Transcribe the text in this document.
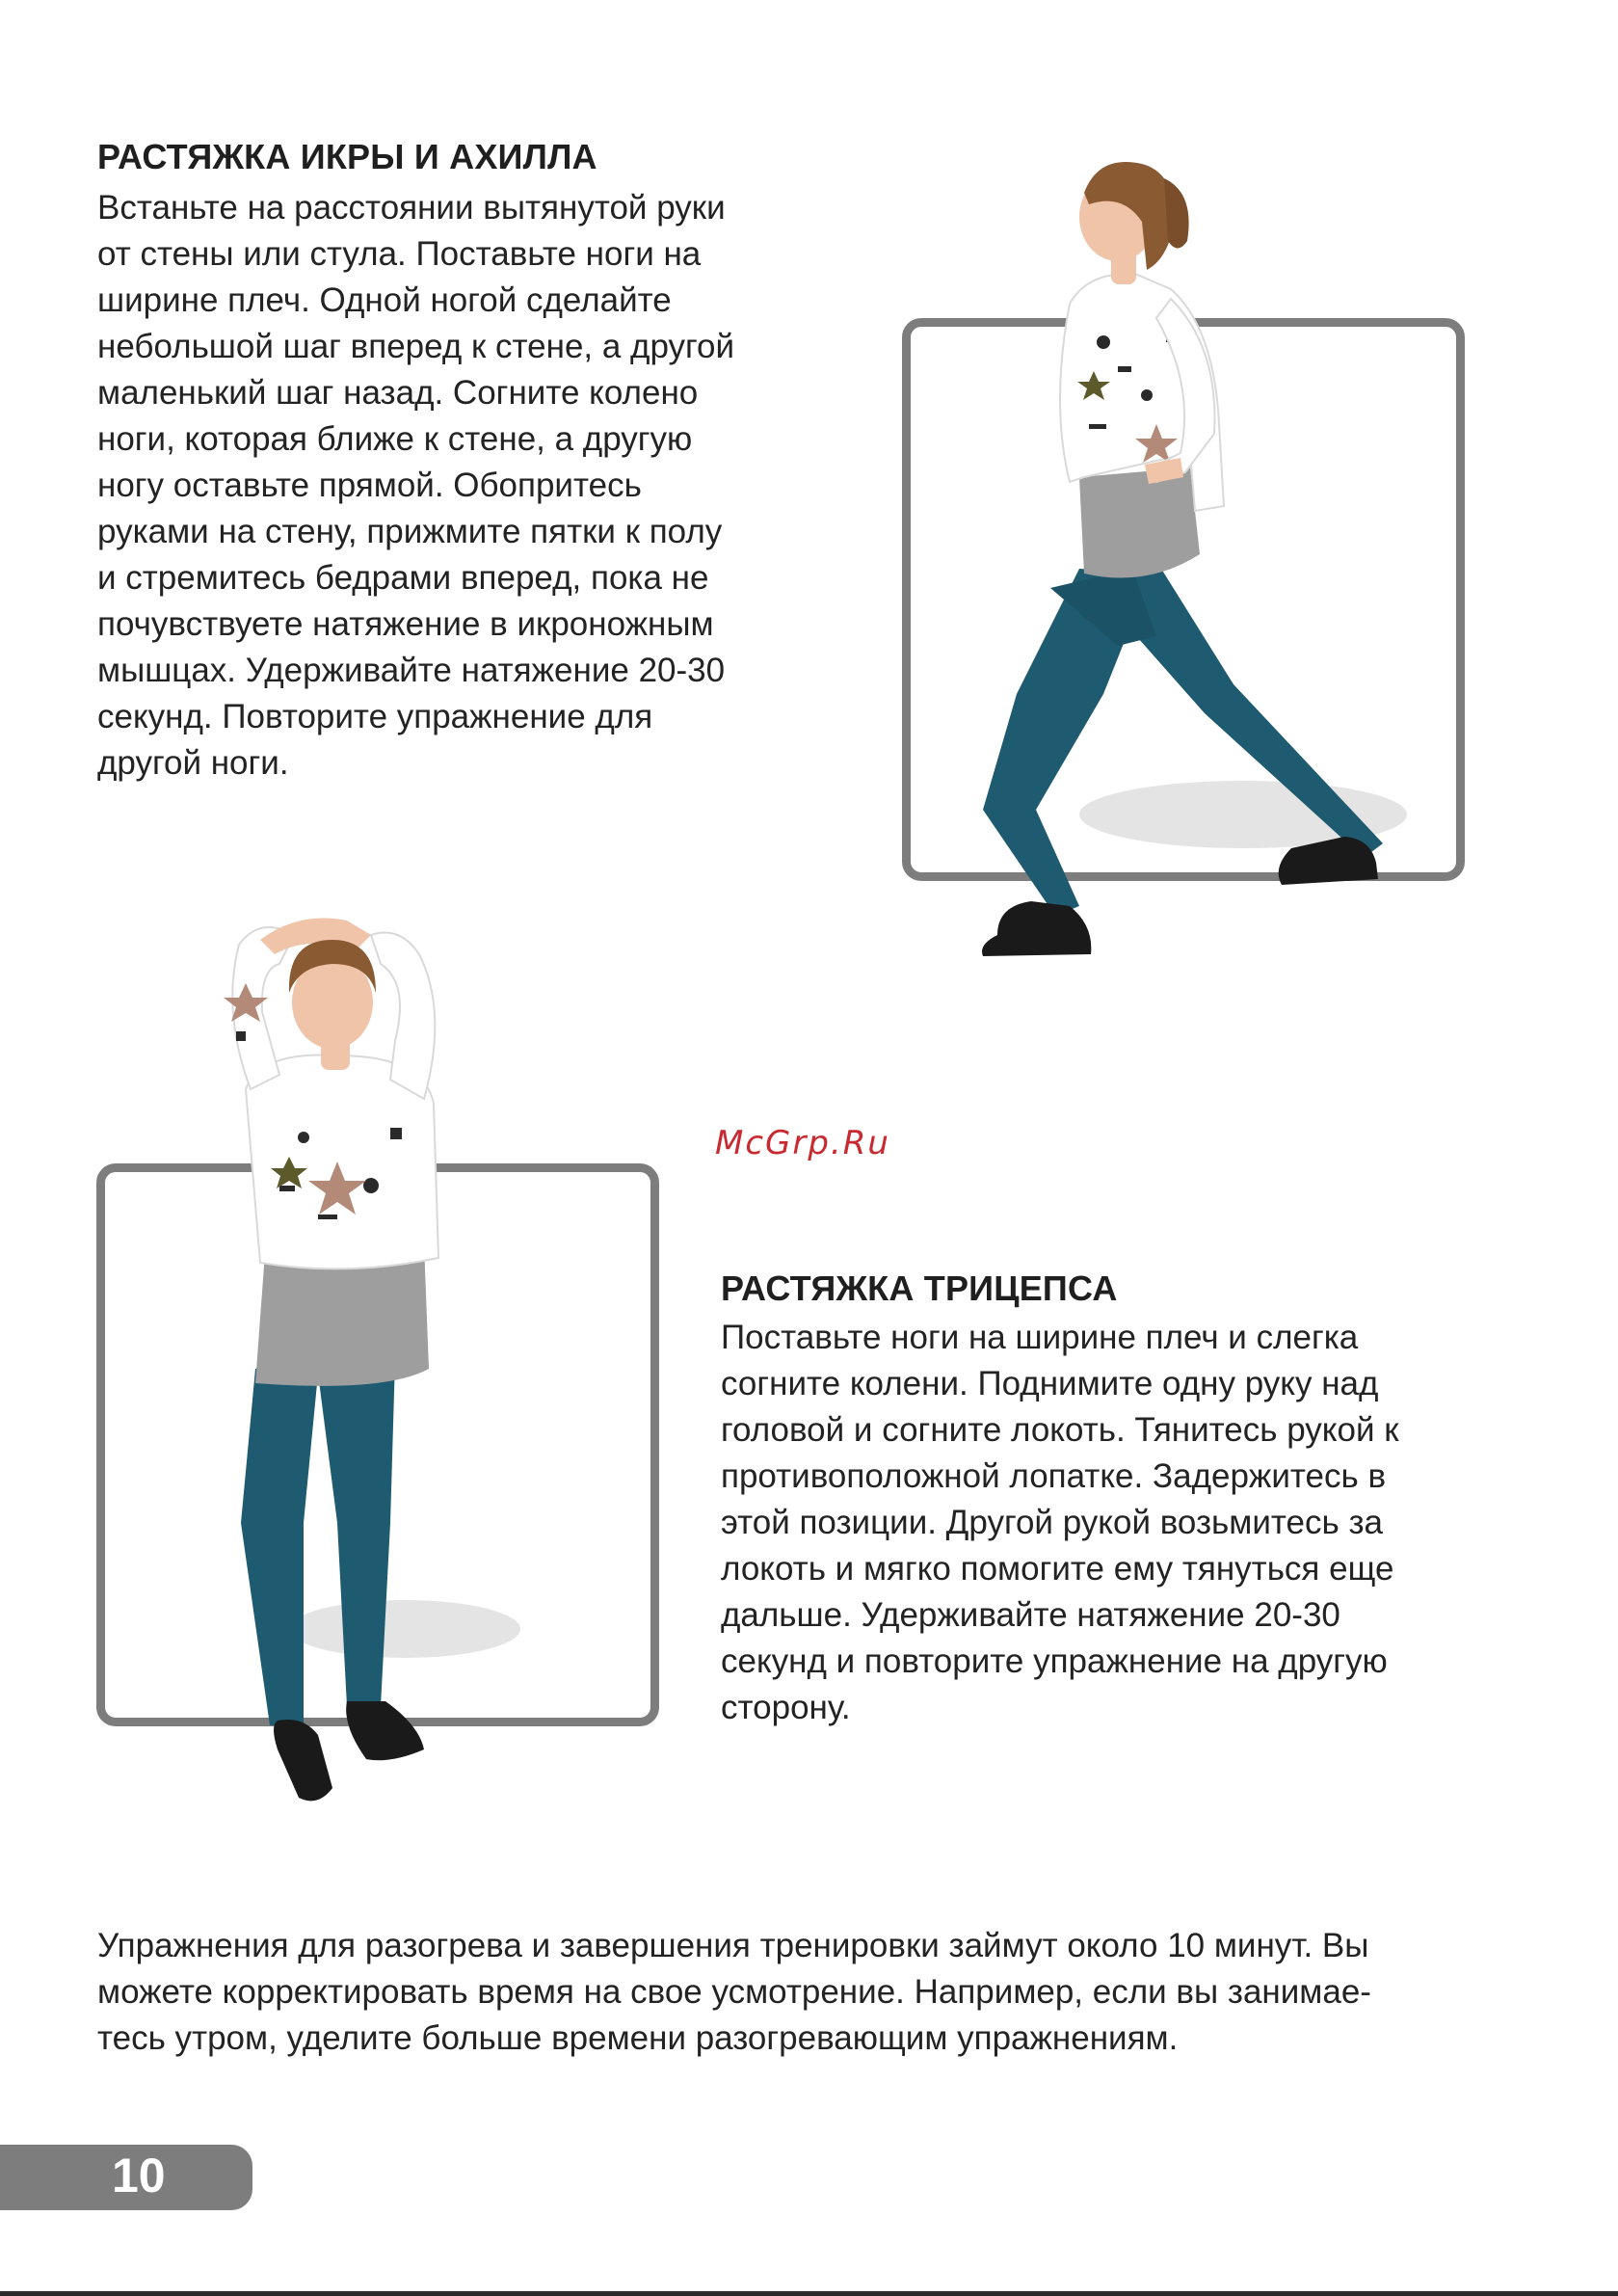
РАСТЯЖКА ИКРЫ И АХИЛЛА

Встаньте на расстоянии вытянутой руки
от стены или стула. Поставьте ноги на
ширине плеч. Одной ногой сделайте
небольшой шаг вперед к стене, а другой
маленький шаг назад. Согните колено
ноги, которая ближе к стене, а другую
ногу оставьте прямой. Обопритесь
руками на стену, прижмите пятки к полу
и стремитесь бедрами вперед, пока не
почувствуете натяжение в икроножным
мышцах. Удерживайте натяжение 20-30
секунд. Повторите упражнение для
другой ноги.

McGrp.Ru
РАСТЯЖКА ТРИЦЕПСА

Поставьте ноги на ширине плеч и слегка
согните колени. Поднимите одну руку над
головой и согните локоть. Тянитесь рукой к
противоположной лопатке. Задержитесь в
этой позиции. Другой рукой возьмитесь за
локоть и мягко помогите ему тянуться еще
дальше. Удерживайте натяжение 20-30
секунд и повторите упражнение на другую
сторону.

Упражнения для разогрева и завершения тренировки займут около 10 минут. Вы
можете корректировать время на свое усмотрение. Например, если вы занимае-
тесь утром, уделите больше времени разогревающим упражнениям.

10
